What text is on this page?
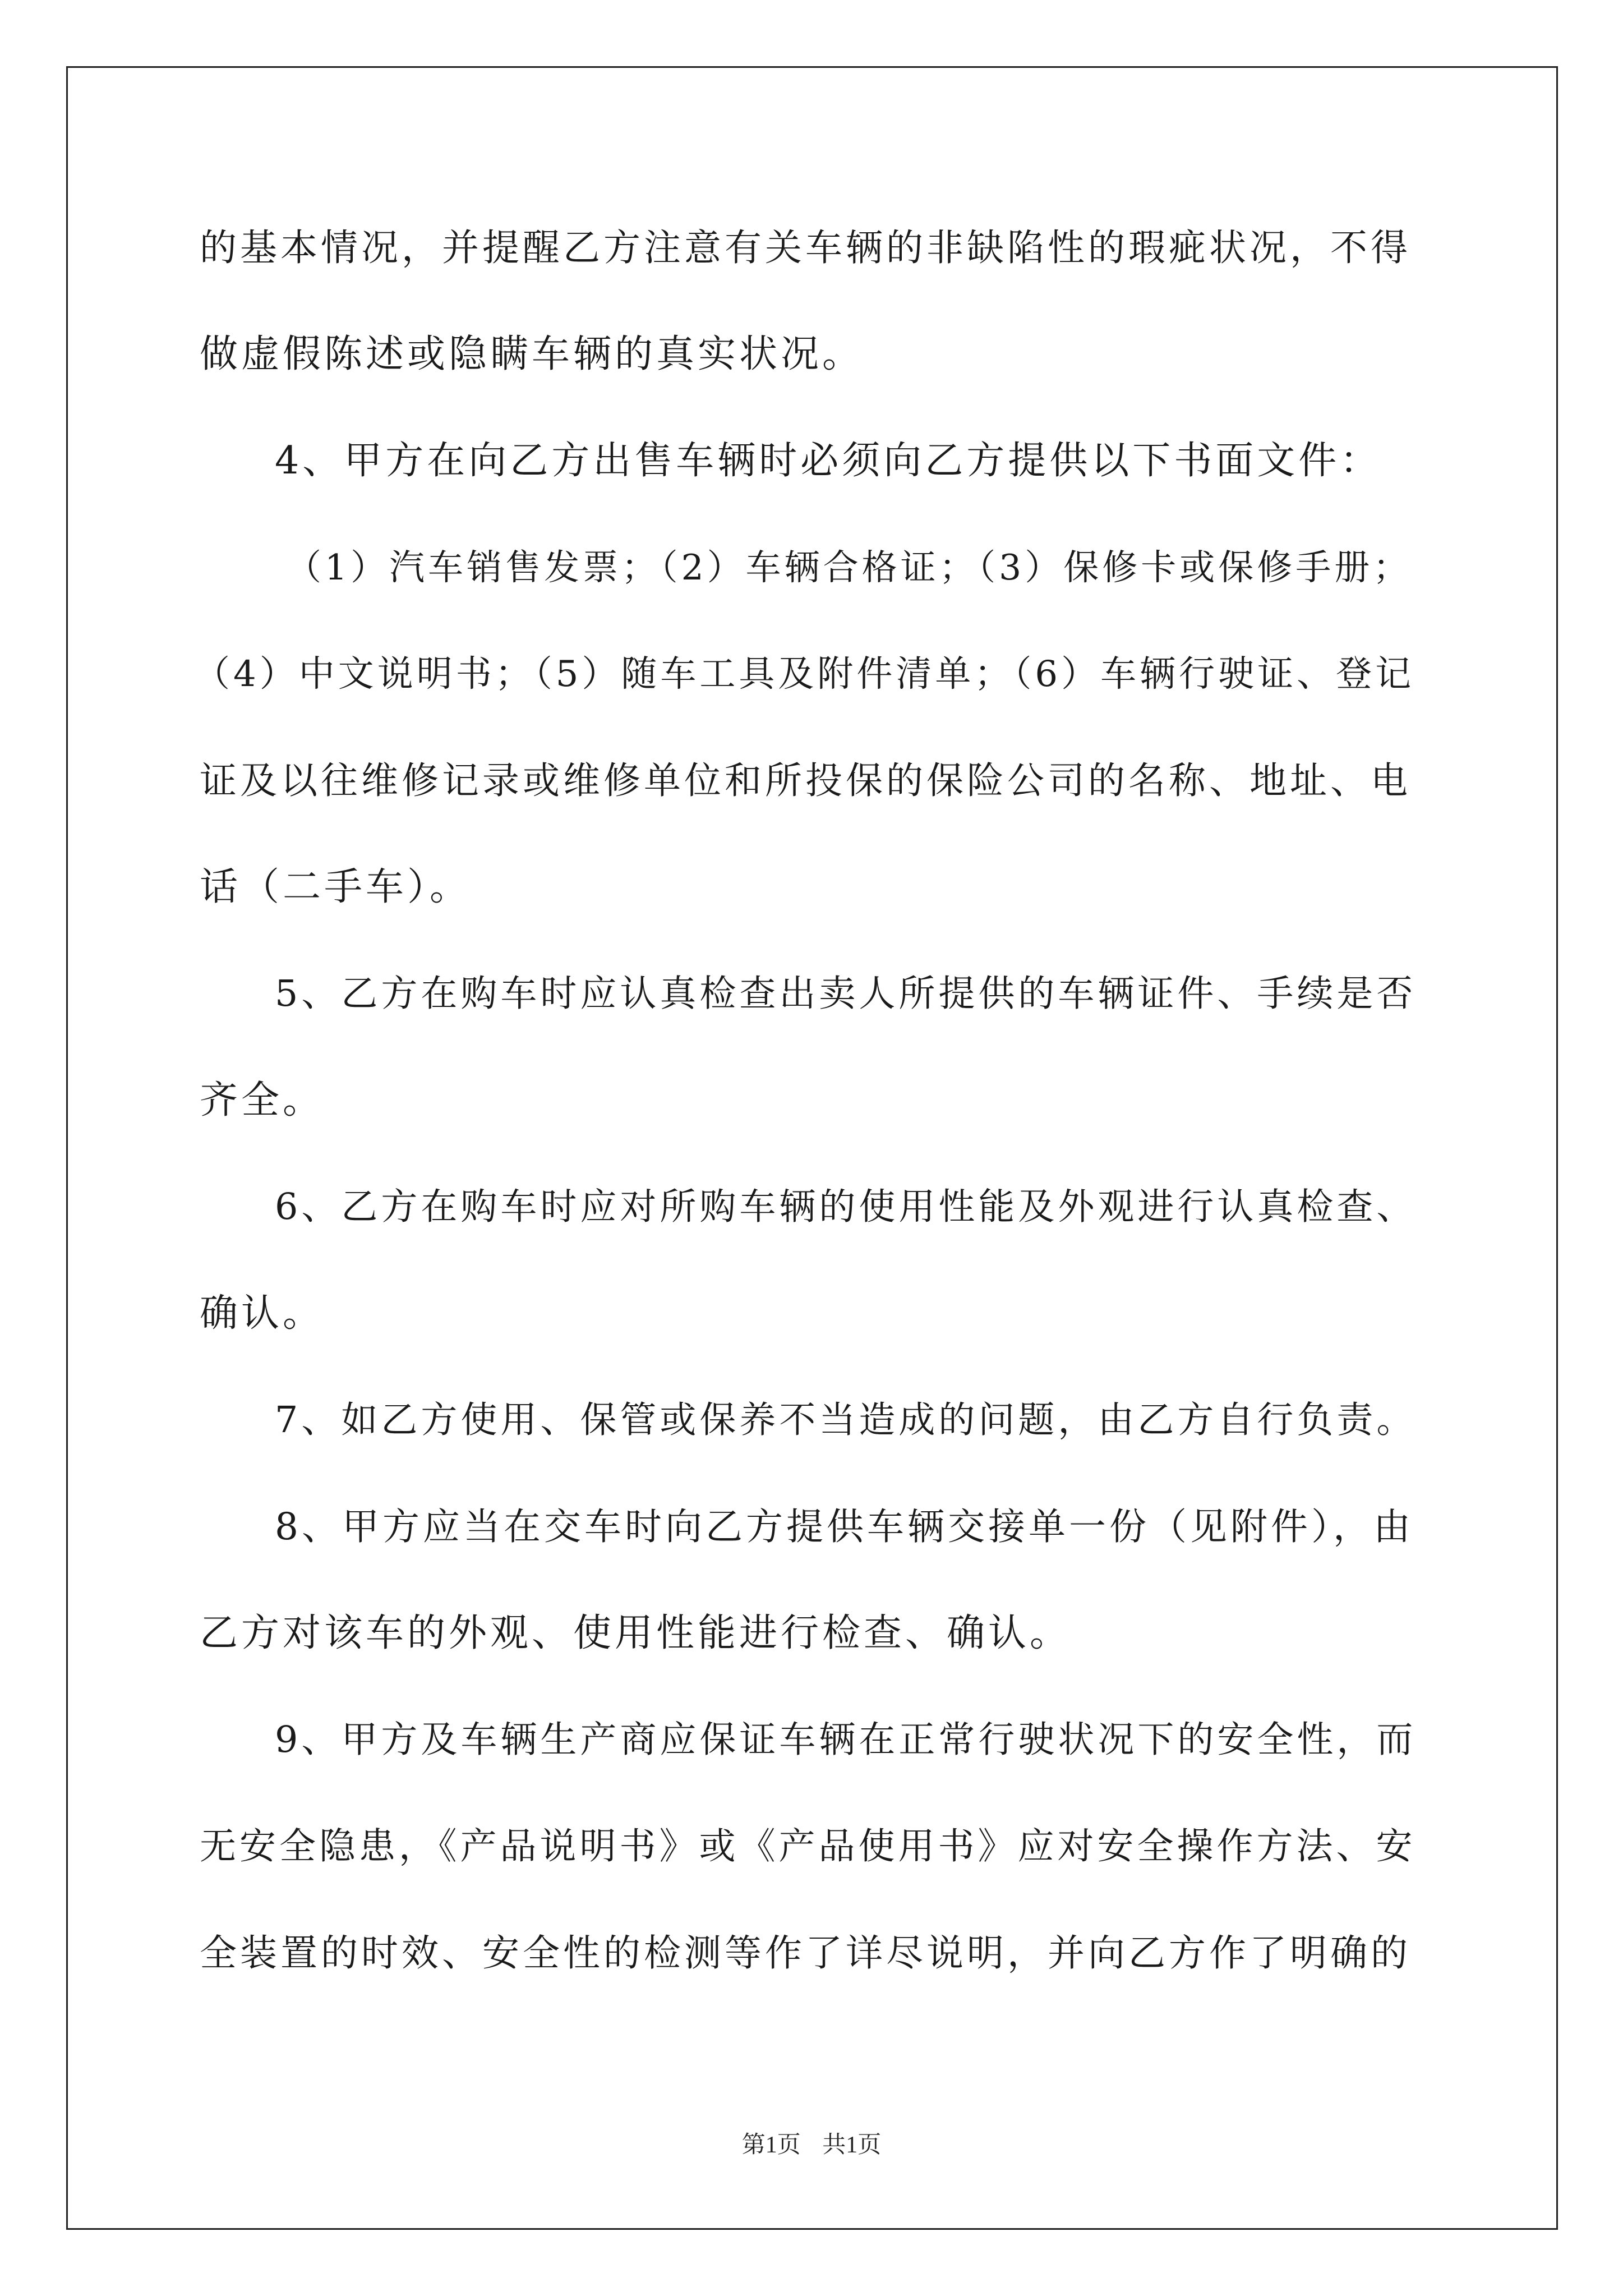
的基本情况，并提醒乙方注意有关车辆的非缺陷性的瑕疵状况，不得
做虚假陈述或隐瞒车辆的真实状况。
4、甲方在向乙方出售车辆时必须向乙方提供以下书面文件：
（1）汽车销售发票；（2）车辆合格证；（3）保修卡或保修手册；
（4）中文说明书；（5）随车工具及附件清单；（6）车辆行驶证、登记
证及以往维修记录或维修单位和所投保的保险公司的名称、地址、电
话（二手车）。
5、乙方在购车时应认真检查出卖人所提供的车辆证件、手续是否
齐全。
6、乙方在购车时应对所购车辆的使用性能及外观进行认真检查、
确认。
7、如乙方使用、保管或保养不当造成的问题，由乙方自行负责。
8、甲方应当在交车时向乙方提供车辆交接单一份（见附件），由
乙方对该车的外观、使用性能进行检查、确认。
9、甲方及车辆生产商应保证车辆在正常行驶状况下的安全性，而
无安全隐患，《产品说明书》或《产品使用书》应对安全操作方法、安
全装置的时效、安全性的检测等作了详尽说明，并向乙方作了明确的
第1页 共1页
